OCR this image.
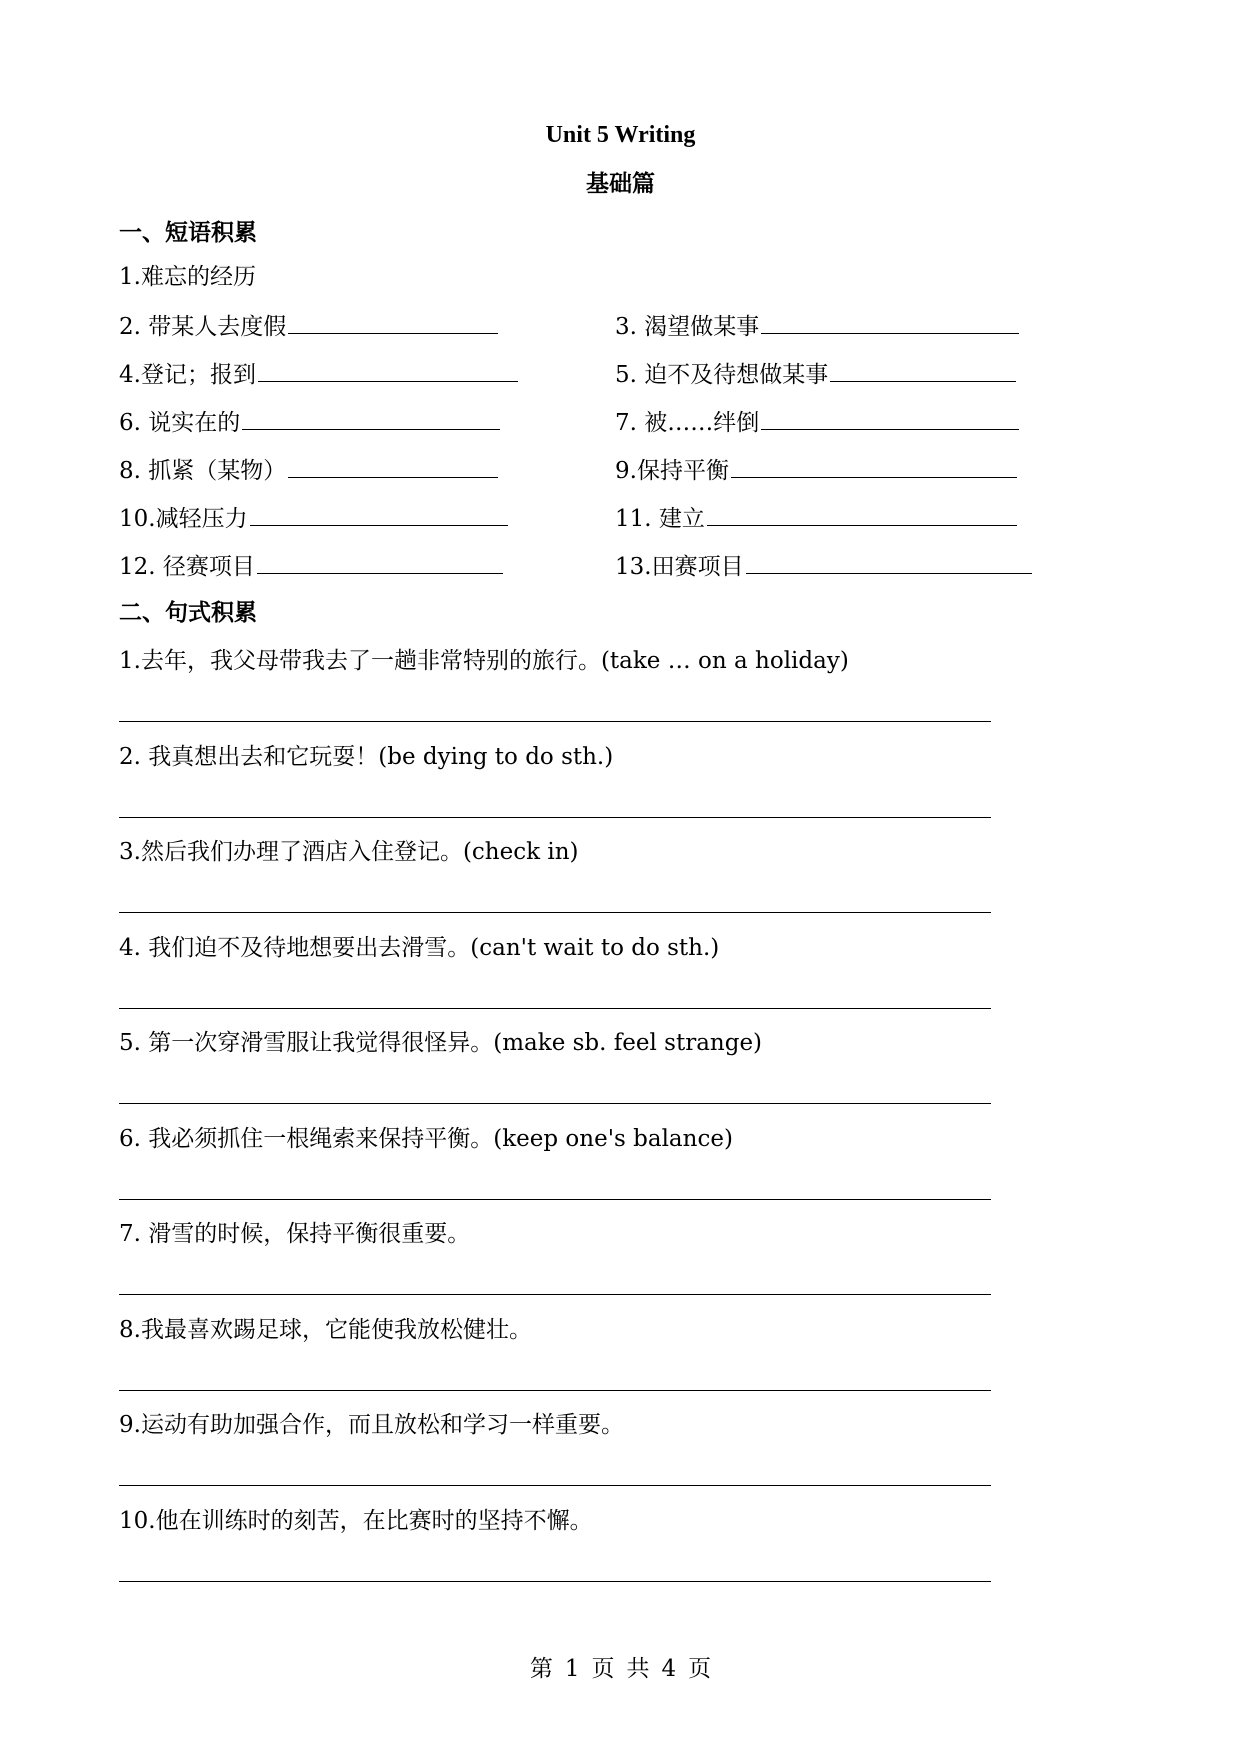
Unit 5 Writing
基础篇
一、短语积累
1.难忘的经历
2. 带某人去度假	3. 渴望做某事
4.登记；报到	5. 迫不及待想做某事
6. 说实在的	7. 被……绊倒
8. 抓紧（某物）	9.保持平衡
10.减轻压力	11. 建立
12. 径赛项目	13.田赛项目
二、句式积累
1.去年，我父母带我去了一趟非常特别的旅行。(take … on a holiday)
2. 我真想出去和它玩耍！(be dying to do sth.)
3.然后我们办理了酒店入住登记。(check in)
4. 我们迫不及待地想要出去滑雪。(can't wait to do sth.)
5. 第一次穿滑雪服让我觉得很怪异。(make sb. feel strange)
6. 我必须抓住一根绳索来保持平衡。(keep one's balance)
7. 滑雪的时候，保持平衡很重要。
8.我最喜欢踢足球，它能使我放松健壮。
9.运动有助加强合作，而且放松和学习一样重要。
10.他在训练时的刻苦，在比赛时的坚持不懈。
第 1 页 共 4 页
